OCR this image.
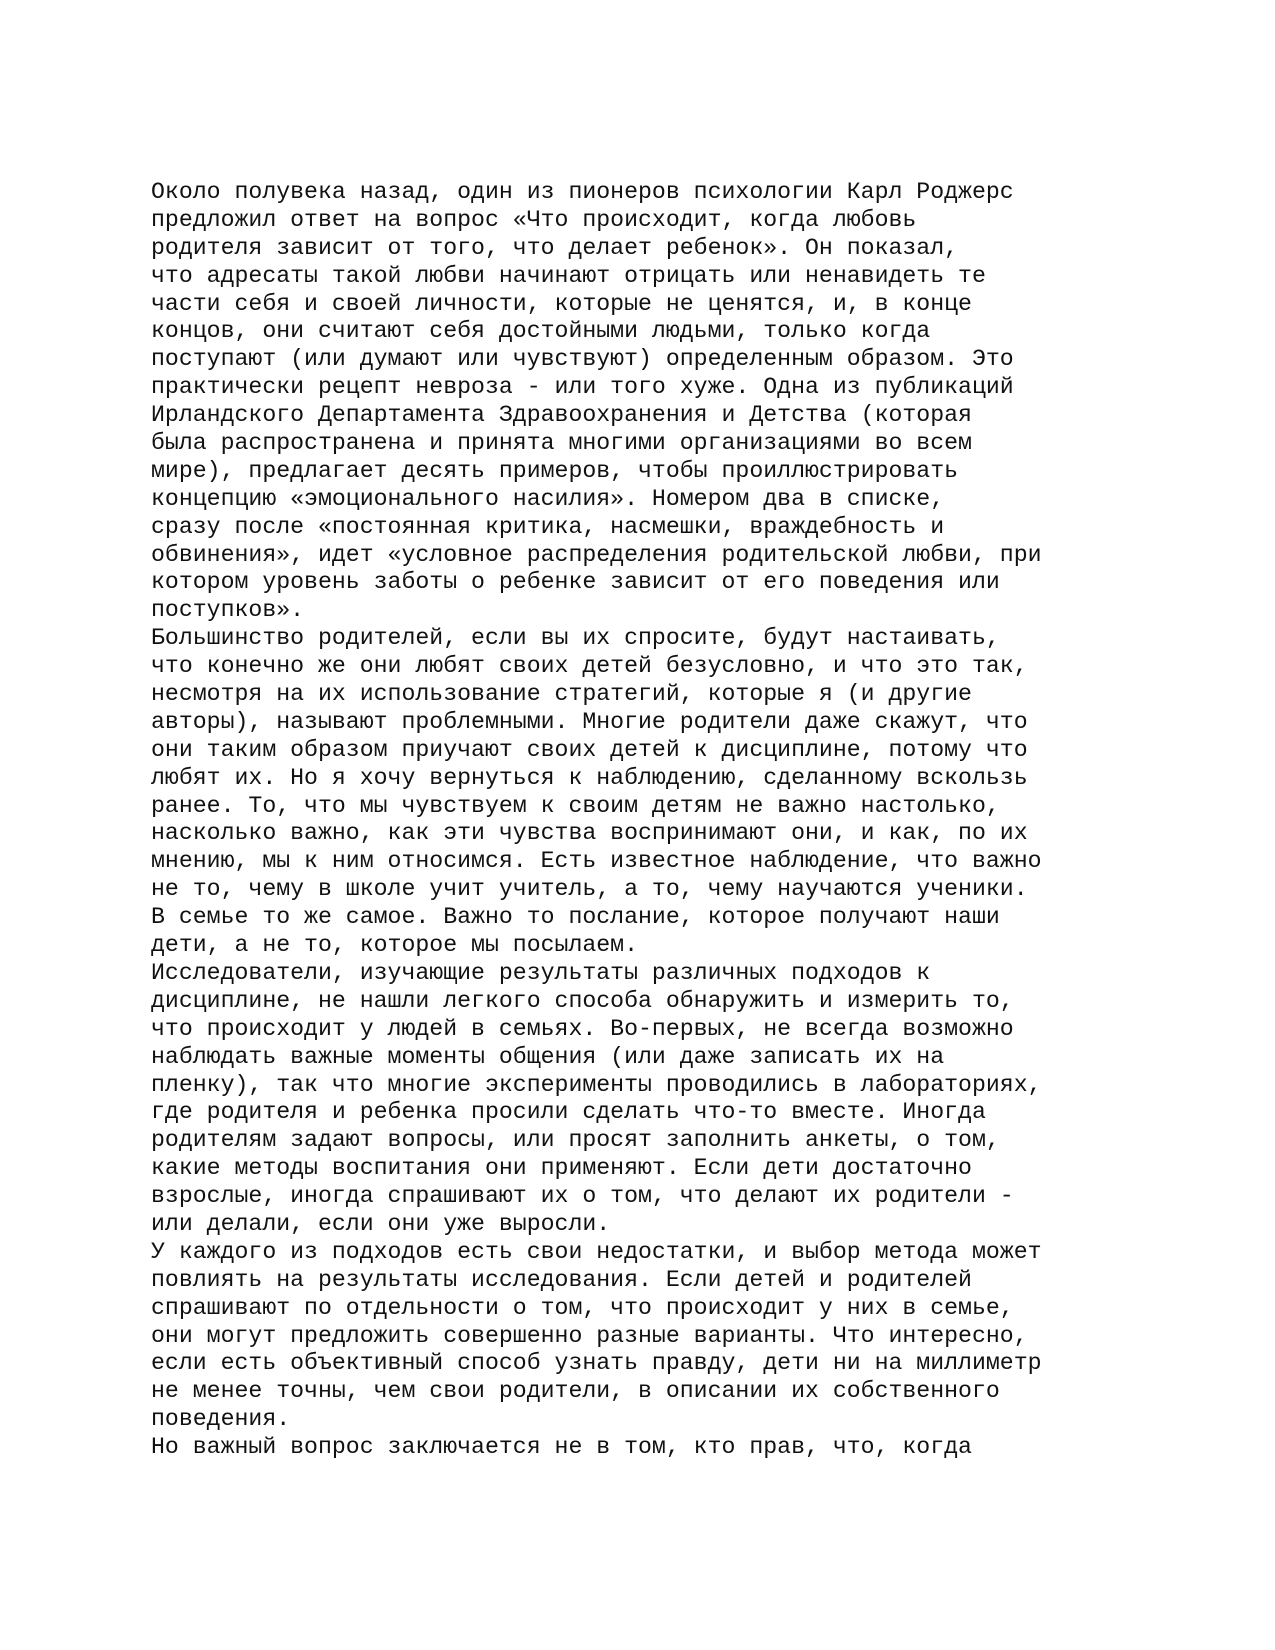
Около полувека назад, один из пионеров психологии Карл Роджерс
предложил ответ на вопрос «Что происходит, когда любовь
родителя зависит от того, что делает ребенок». Он показал,
что адресаты такой любви начинают отрицать или ненавидеть те
части себя и своей личности, которые не ценятся, и, в конце
концов, они считают себя достойными людьми, только когда
поступают (или думают или чувствуют) определенным образом. Это
практически рецепт невроза - или того хуже. Одна из публикаций
Ирландского Департамента Здравоохранения и Детства (которая
была распространена и принята многими организациями во всем
мире), предлагает десять примеров, чтобы проиллюстрировать
концепцию «эмоционального насилия». Номером два в списке,
сразу после «постоянная критика, насмешки, враждебность и
обвинения», идет «условное распределения родительской любви, при
котором уровень заботы о ребенке зависит от его поведения или
поступков».
Большинство родителей, если вы их спросите, будут настаивать,
что конечно же они любят своих детей безусловно, и что это так,
несмотря на их использование стратегий, которые я (и другие
авторы), называют проблемными. Многие родители даже скажут, что
они таким образом приучают своих детей к дисциплине, потому что
любят их. Но я хочу вернуться к наблюдению, сделанному вскользь
ранее. То, что мы чувствуем к своим детям не важно настолько,
насколько важно, как эти чувства воспринимают они, и как, по их
мнению, мы к ним относимся. Есть известное наблюдение, что важно
не то, чему в школе учит учитель, а то, чему научаются ученики.
В семье то же самое. Важно то послание, которое получают наши
дети, а не то, которое мы посылаем.
Исследователи, изучающие результаты различных подходов к
дисциплине, не нашли легкого способа обнаружить и измерить то,
что происходит у людей в семьях. Во-первых, не всегда возможно
наблюдать важные моменты общения (или даже записать их на
пленку), так что многие эксперименты проводились в лабораториях,
где родителя и ребенка просили сделать что-то вместе. Иногда
родителям задают вопросы, или просят заполнить анкеты, о том,
какие методы воспитания они применяют. Если дети достаточно
взрослые, иногда спрашивают их о том, что делают их родители -
или делали, если они уже выросли.
У каждого из подходов есть свои недостатки, и выбор метода может
повлиять на результаты исследования. Если детей и родителей
спрашивают по отдельности о том, что происходит у них в семье,
они могут предложить совершенно разные варианты. Что интересно,
если есть объективный способ узнать правду, дети ни на миллиметр
не менее точны, чем свои родители, в описании их собственного
поведения.
Но важный вопрос заключается не в том, кто прав, что, когда
